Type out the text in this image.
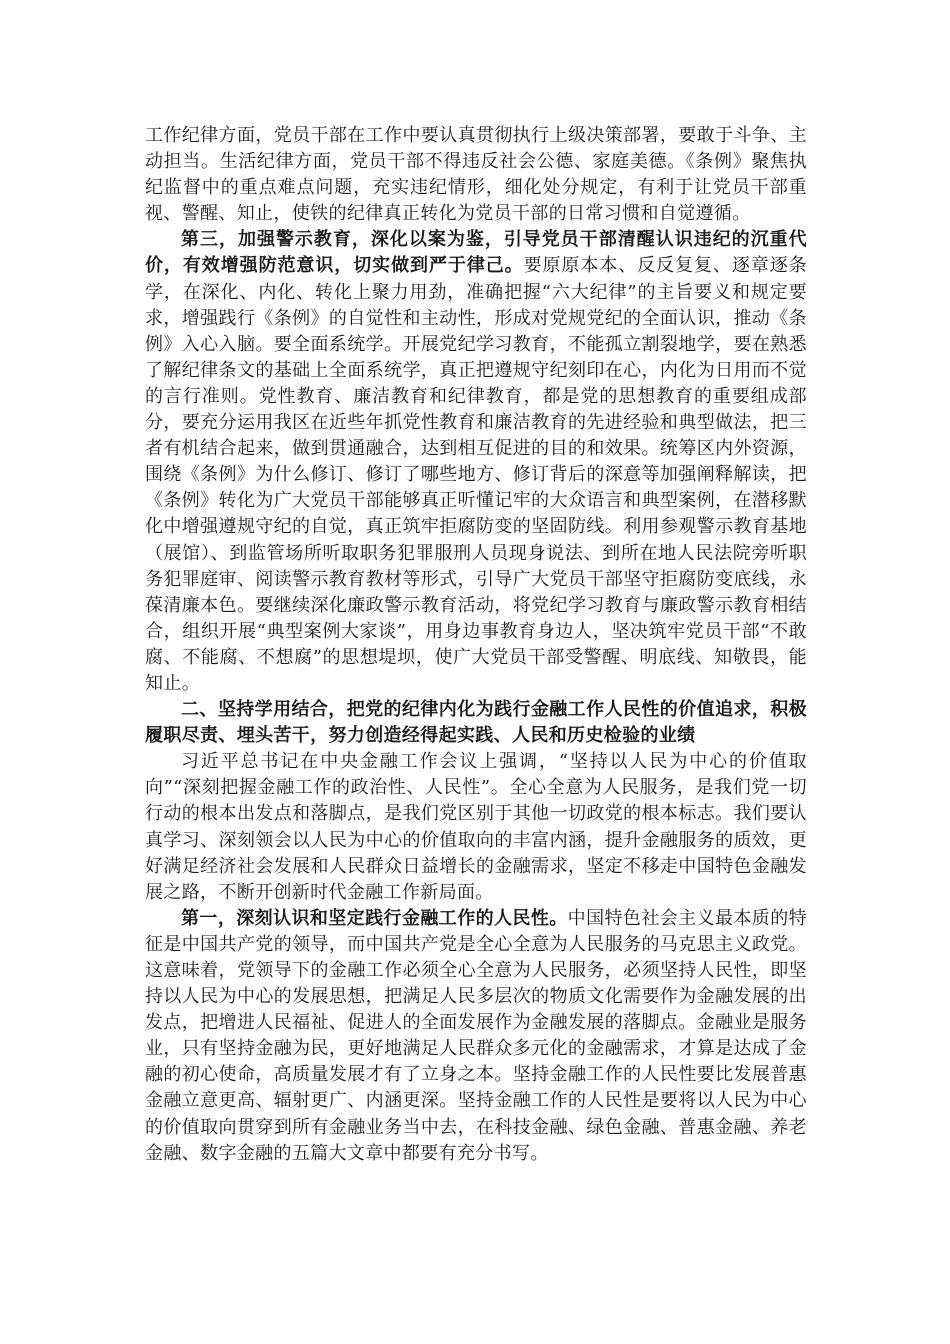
工作纪律方面，党员干部在工作中要认真贯彻执行上级决策部署，要敢于斗争、主动担当。生活纪律方面，党员干部不得违反社会公德、家庭美德。《条例》聚焦执纪监督中的重点难点问题，充实违纪情形，细化处分规定，有利于让党员干部重视、警醒、知止，使铁的纪律真正转化为党员干部的日常习惯和自觉遵循。

第三，加强警示教育，深化以案为鉴，引导党员干部清醒认识违纪的沉重代价，有效增强防范意识，切实做到严于律己。要原原本本、反反复复、逐章逐条学，在深化、内化、转化上聚力用劲，准确把握“六大纪律”的主旨要义和规定要求，增强践行《条例》的自觉性和主动性，形成对党规党纪的全面认识，推动《条例》入心入脑。要全面系统学。开展党纪学习教育，不能孤立割裂地学，要在熟悉了解纪律条文的基础上全面系统学，真正把遵规守纪刻印在心，内化为日用而不觉的言行准则。党性教育、廉洁教育和纪律教育，都是党的思想教育的重要组成部分，要充分运用我区在近些年抓党性教育和廉洁教育的先进经验和典型做法，把三者有机结合起来，做到贯通融合，达到相互促进的目的和效果。统筹区内外资源，围绕《条例》为什么修订、修订了哪些地方、修订背后的深意等加强阐释解读，把《条例》转化为广大党员干部能够真正听懂记牢的大众语言和典型案例，在潜移默化中增强遵规守纪的自觉，真正筑牢拒腐防变的坚固防线。利用参观警示教育基地（展馆）、到监管场所听取职务犯罪服刑人员现身说法、到所在地人民法院旁听职务犯罪庭审、阅读警示教育教材等形式，引导广大党员干部坚守拒腐防变底线，永葆清廉本色。要继续深化廉政警示教育活动，将党纪学习教育与廉政警示教育相结合，组织开展“典型案例大家谈”，用身边事教育身边人，坚决筑牢党员干部“不敢腐、不能腐、不想腐”的思想堤坝，使广大党员干部受警醒、明底线、知敬畏，能知止。

二、坚持学用结合，把党的纪律内化为践行金融工作人民性的价值追求，积极履职尽责、埋头苦干，努力创造经得起实践、人民和历史检验的业绩

习近平总书记在中央金融工作会议上强调，“坚持以人民为中心的价值取向”“深刻把握金融工作的政治性、人民性”。全心全意为人民服务，是我们党一切行动的根本出发点和落脚点，是我们党区别于其他一切政党的根本标志。我们要认真学习、深刻领会以人民为中心的价值取向的丰富内涵，提升金融服务的质效，更好满足经济社会发展和人民群众日益增长的金融需求，坚定不移走中国特色金融发展之路，不断开创新时代金融工作新局面。

第一，深刻认识和坚定践行金融工作的人民性。中国特色社会主义最本质的特征是中国共产党的领导，而中国共产党是全心全意为人民服务的马克思主义政党。这意味着，党领导下的金融工作必须全心全意为人民服务，必须坚持人民性，即坚持以人民为中心的发展思想，把满足人民多层次的物质文化需要作为金融发展的出发点，把增进人民福祉、促进人的全面发展作为金融发展的落脚点。金融业是服务业，只有坚持金融为民，更好地满足人民群众多元化的金融需求，才算是达成了金融的初心使命，高质量发展才有了立身之本。坚持金融工作的人民性要比发展普惠金融立意更高、辐射更广、内涵更深。坚持金融工作的人民性是要将以人民为中心的价值取向贯穿到所有金融业务当中去，在科技金融、绿色金融、普惠金融、养老金融、数字金融的五篇大文章中都要有充分书写。
